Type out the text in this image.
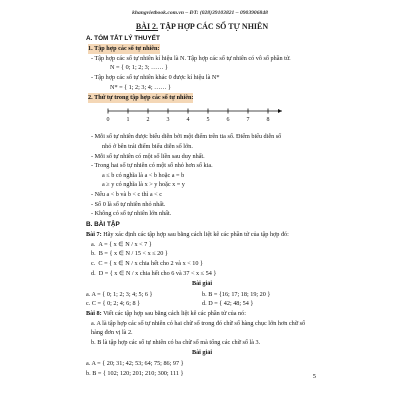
khangvietbook.com.vn – ĐT: (028)39103821 – 0903906848
BÀI 2. TẬP HỢP CÁC SỐ TỰ NHIÊN
A. TÓM TẮT LÝ THUYẾT
1. Tập hợp các số tự nhiên:

- Tập hợp các số tự nhiên kí hiệu là N. Tập hợp các số tự nhiên có vô số phần tử.

N = { 0; 1; 2; 3; …… }

- Tập hợp các số tự nhiên khác 0 được kí hiệu là N*

N* = { 1; 2; 3; 4; …… }

2. Thứ tự trong tập hợp các số tự nhiên:
0	1	2	3	4	5	6	7	8

- Mỗi số tự nhiên được biểu diễn bởi một điểm trên tia số. Điểm biểu diễn số

nhỏ ở bên trái điểm biểu diễn số lớn.

- Mỗi số tự nhiên có một số liền sau duy nhất.

- Trong hai số tự nhiên có một số nhỏ hơn số kia.

a ≤ b có nghĩa là a < b hoặc a = b

a ≥ y có nghĩa là x > y hoặc x = y

- Nếu a < b và b < c thì a < c

- Số 0 là số tự nhiên nhỏ nhất.

- Không có số tự nhiên lớn nhất.

B. BÀI TẬP

Bài 7: Hãy xác định các tập hợp sau bằng cách liệt kê các phần tử của tập hợp đó:

a.  A = { x ∈ N / x < 7 }

b.  B = { x ∈ N / 15 < x ≤ 20 }

c.  C = { x ∈ N / x chia hết cho 2 và x < 10 }

d.  D = { x ∈ N / x chia hết cho 6 và 37 < x ≤ 54 }

Bài giải
a. A = { 0; 1; 2; 3; 4; 5; 6 }	b. B = {16; 17; 18; 19; 20 }
c. C = { 0; 2; 4; 6; 8 }	d. D = { 42; 48; 54 }

Bài 8: Viết các tập hợp sau bằng cách liệt kê các phần tử của nó:

a. A là tập hợp các số tự nhiên có hai chữ số trong đó chữ số hàng chục lớn hơn chữ số hàng đơn vị là 2.

b. B là tập hợp các số tự nhiên có ba chữ số mà tổng các chữ số là 3.

Bài giải

a. A = { 20; 31; 42; 53; 64; 75; 86; 97 }

b. B = { 102; 120; 201; 210; 300; 111 }

5
